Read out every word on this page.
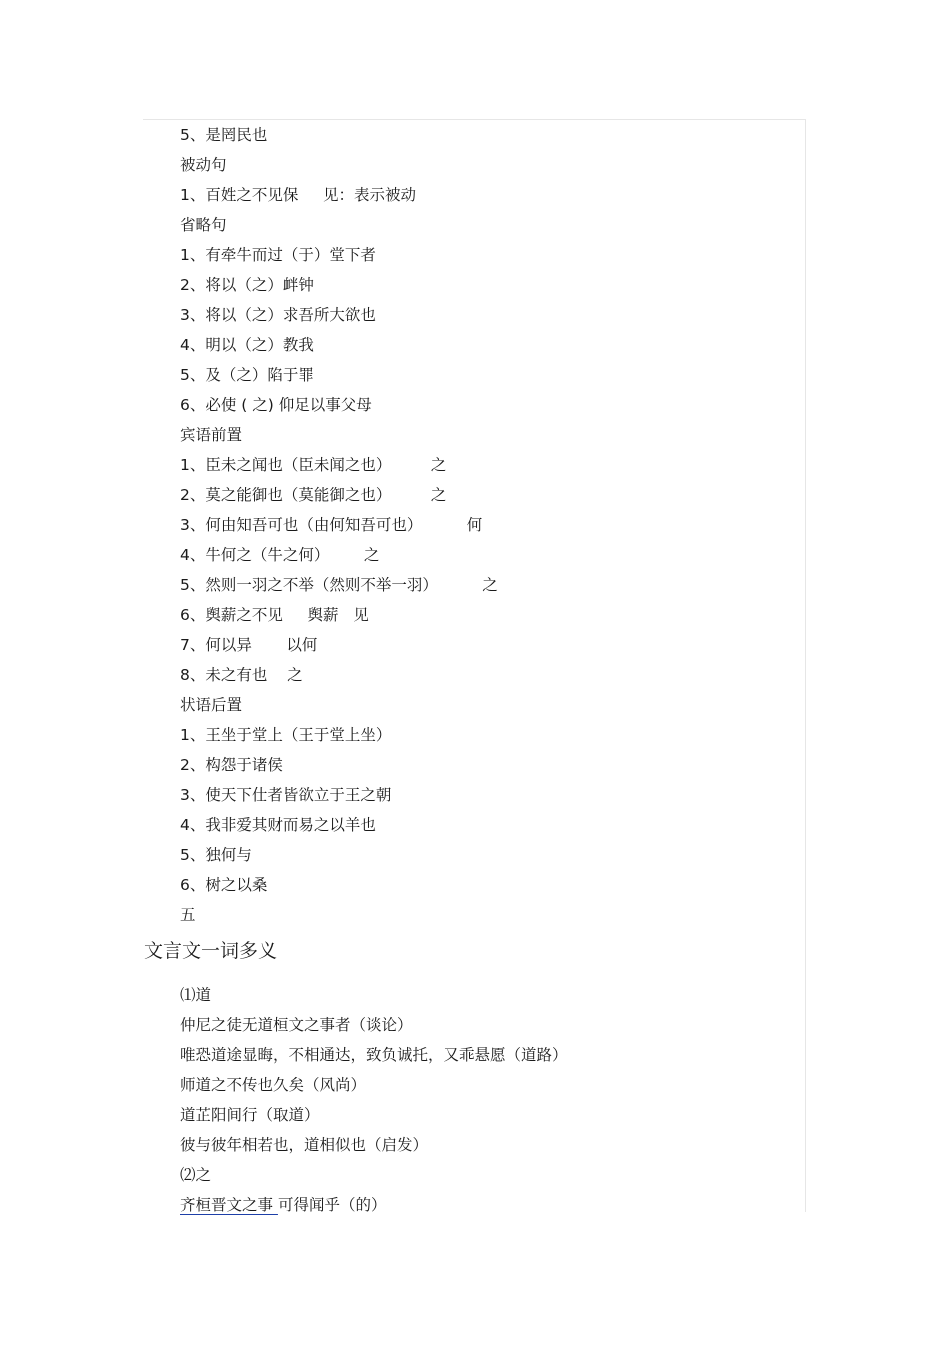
5、是罔民也
被动句
1、百姓之不见保     见：表示被动
省略句
1、有牵牛而过（于）堂下者
2、将以（之）衅钟
3、将以（之）求吾所大欲也
4、明以（之）教我
5、及（之）陷于罪
6、必使 ( 之) 仰足以事父母
宾语前置
1、臣未之闻也（臣未闻之也）        之
2、莫之能御也（莫能御之也）        之
3、何由知吾可也（由何知吾可也）         何
4、牛何之（牛之何）       之
5、然则一羽之不举（然则不举一羽）         之
6、舆薪之不见     舆薪   见
7、何以异       以何
8、未之有也    之
状语后置
1、王坐于堂上（王于堂上坐）
2、构怨于诸侯
3、使天下仕者皆欲立于王之朝
4、我非爱其财而易之以羊也
5、独何与
6、树之以桑
五
文言文一词多义
⑴道
仲尼之徒无道桓文之事者（谈论）
唯恐道途显晦，不相通达，致负诚托，又乖悬愿（道路）
师道之不传也久矣（风尚）
道芷阳间行（取道）
彼与彼年相若也，道相似也（启发）
⑵之
齐桓晋文之事 可得闻乎（的）
